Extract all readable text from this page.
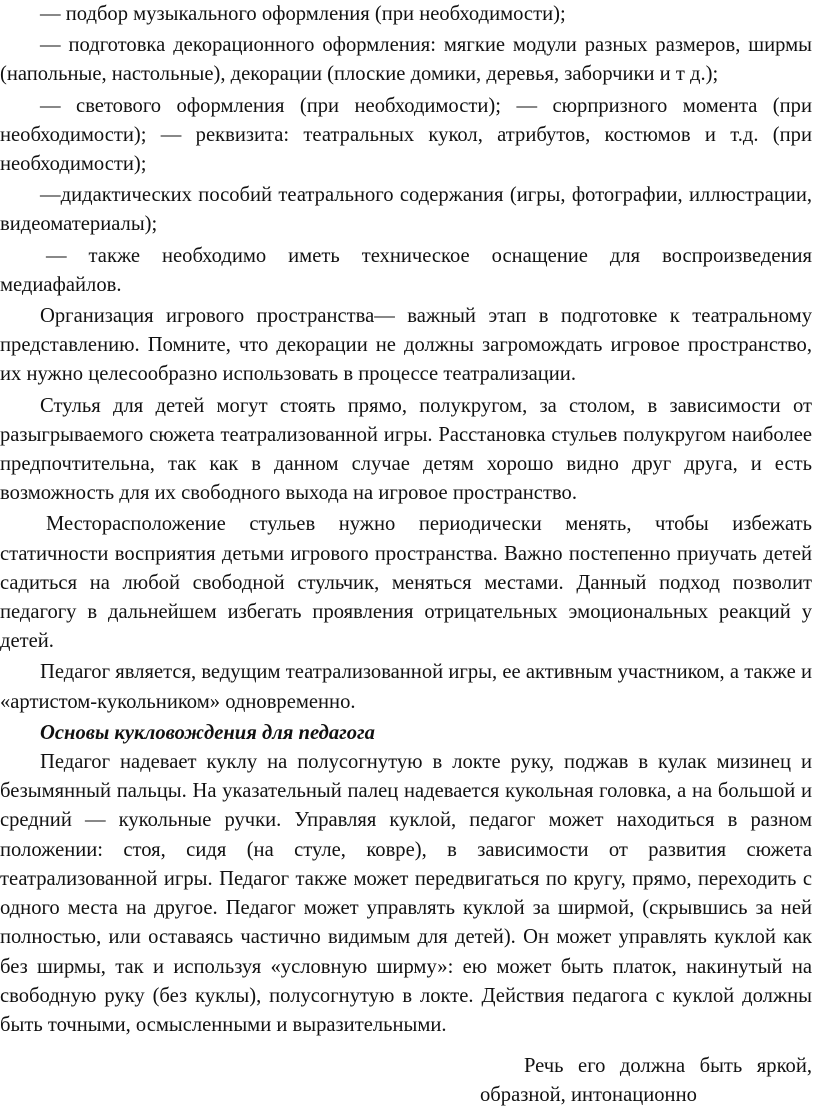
— подбор музыкального оформления (при необходимости);

— подготовка декорационного оформления: мягкие модули разных размеров, ширмы (напольные, настольные), декорации (плоские домики, деревья, заборчики и т д.);

— светового оформления (при необходимости); — сюрпризного момента (при необходимости); — реквизита: театральных кукол, атрибутов, костюмов и т.д. (при необходимости);

—дидактических пособий театрального содержания (игры, фотографии, иллюстрации, видеоматериалы);

— также необходимо иметь техническое оснащение для воспроизведения медиафайлов.

Организация игрового пространства— важный этап в подготовке к театральному представлению. Помните, что декорации не должны загромождать игровое пространство, их нужно целесообразно использовать в процессе театрализации.

Стулья для детей могут стоять прямо, полукругом, за столом, в зависимости от разыгрываемого сюжета театрализованной игры. Расстановка стульев полукругом наиболее предпочтительна, так как в данном случае детям хорошо видно друг друга, и есть возможность для их свободного выхода на игровое пространство.

Месторасположение стульев нужно периодически менять, чтобы избежать статичности восприятия детьми игрового пространства. Важно постепенно приучать детей садиться на любой свободной стульчик, меняться местами. Данный подход позволит педагогу в дальнейшем избегать проявления отрицательных эмоциональных реакций у детей.

Педагог является, ведущим театрализованной игры, ее активным участником, а также и «артистом-кукольником» одновременно.

Основы кукловождения для педагога

Педагог надевает куклу на полусогнутую в локте руку, поджав в кулак мизинец и безымянный пальцы. На указательный палец надевается кукольная головка, а на большой и средний — кукольные ручки. Управляя куклой, педагог может находиться в разном положении: стоя, сидя (на стуле, ковре), в зависимости от развития сюжета театрализованной игры. Педагог также может передвигаться по кругу, прямо, переходить с одного места на другое. Педагог может управлять куклой за ширмой, (скрывшись за ней полностью, или оставаясь частично видимым для детей). Он может управлять куклой как без ширмы, так и используя «условную ширму»: ею может быть платок, накинутый на свободную руку (без куклы), полусогнутую в локте. Действия педагога с куклой должны быть точными, осмысленными и выразительными.

Речь его должна быть яркой, образной, интонационно
